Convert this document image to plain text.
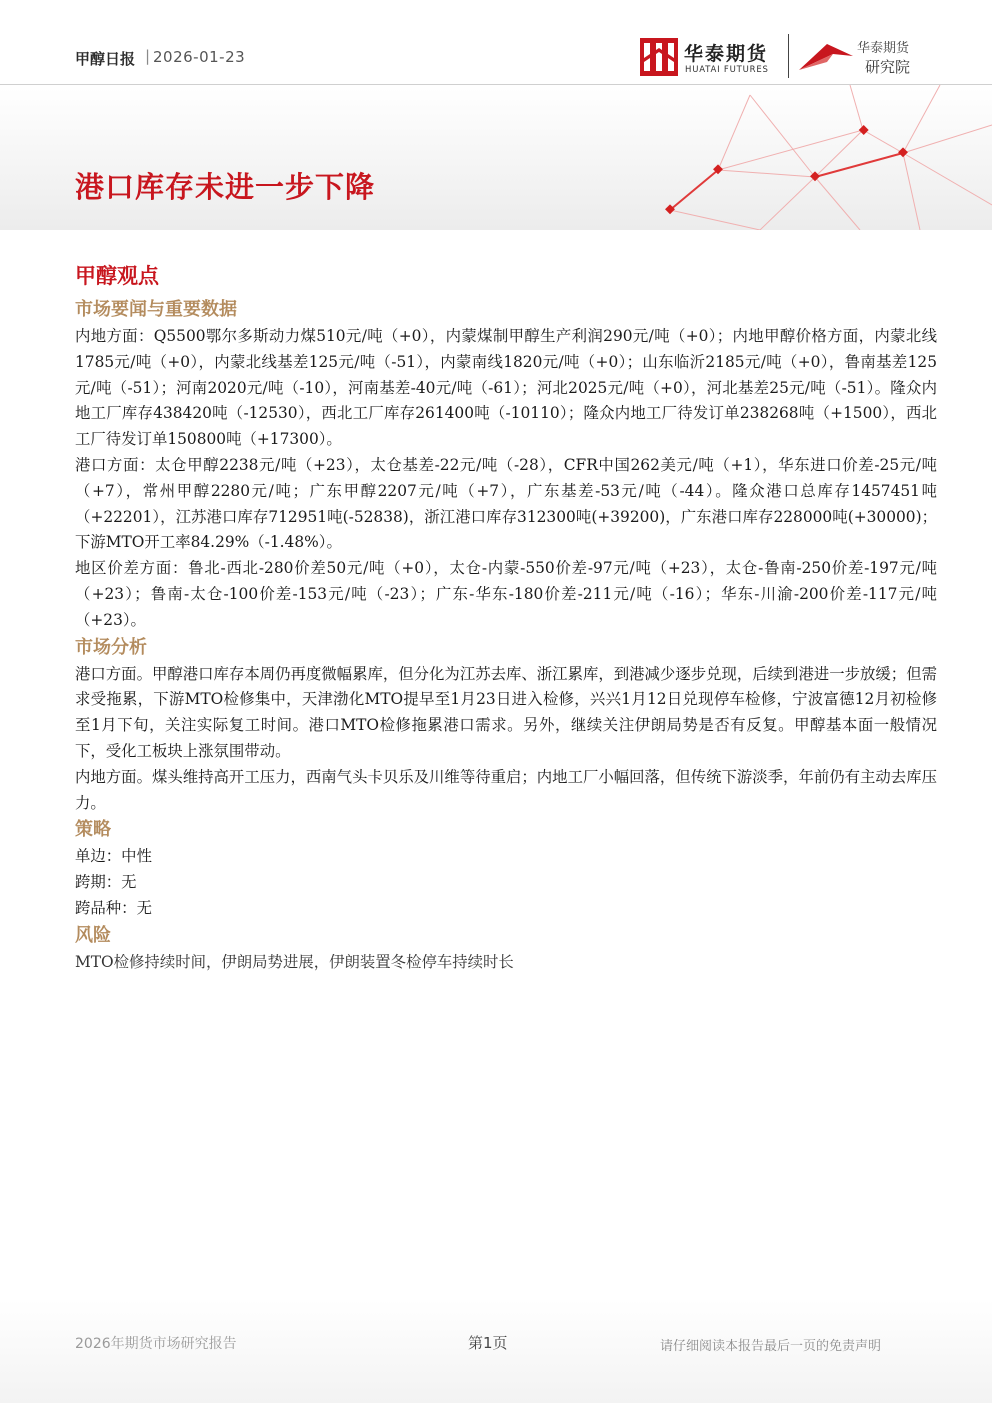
甲醇日报 | 2026-01-23	华泰期货
HUATAI FUTURES
华泰期货
研究院
港口库存未进一步下降
甲醇观点

市场要闻与重要数据

内地方面：Q5500鄂尔多斯动力煤510元/吨（+0），内蒙煤制甲醇生产利润290元/吨（+0）；内地甲醇价格方面，内蒙北线1785元/吨（+0），内蒙北线基差125元/吨（-51），内蒙南线1820元/吨（+0）；山东临沂2185元/吨（+0），鲁南基差125元/吨（-51）；河南2020元/吨（-10），河南基差-40元/吨（-61）；河北2025元/吨（+0），河北基差25元/吨（-51）。隆众内地工厂库存438420吨（-12530），西北工厂库存261400吨（-10110）；隆众内地工厂待发订单238268吨（+1500），西北工厂待发订单150800吨（+17300）。

港口方面：太仓甲醇2238元/吨（+23），太仓基差-22元/吨（-28），CFR中国262美元/吨（+1），华东进口价差-25元/吨（+7），常州甲醇2280元/吨；广东甲醇2207元/吨（+7），广东基差-53元/吨（-44）。隆众港口总库存1457451吨（+22201），江苏港口库存712951吨(-52838)，浙江港口库存312300吨(+39200)，广东港口库存228000吨(+30000)；下游MTO开工率84.29%（-1.48%）。

地区价差方面：鲁北-西北-280价差50元/吨（+0），太仓-内蒙-550价差-97元/吨（+23），太仓-鲁南-250价差-197元/吨（+23）；鲁南-太仓-100价差-153元/吨（-23）；广东-华东-180价差-211元/吨（-16）；华东-川渝-200价差-117元/吨（+23）。

市场分析

港口方面。甲醇港口库存本周仍再度微幅累库，但分化为江苏去库、浙江累库，到港减少逐步兑现，后续到港进一步放缓；但需求受拖累，下游MTO检修集中，天津渤化MTO提早至1月23日进入检修，兴兴1月12日兑现停车检修，宁波富德12月初检修至1月下旬，关注实际复工时间。港口MTO检修拖累港口需求。另外，继续关注伊朗局势是否有反复。甲醇基本面一般情况下，受化工板块上涨氛围带动。

内地方面。煤头维持高开工压力，西南气头卡贝乐及川维等待重启；内地工厂小幅回落，但传统下游淡季，年前仍有主动去库压力。

策略

单边：中性

跨期：无

跨品种：无

风险

MTO检修持续时间，伊朗局势进展，伊朗装置冬检停车持续时长

2026年期货市场研究报告	第1页	请仔细阅读本报告最后一页的免责声明
